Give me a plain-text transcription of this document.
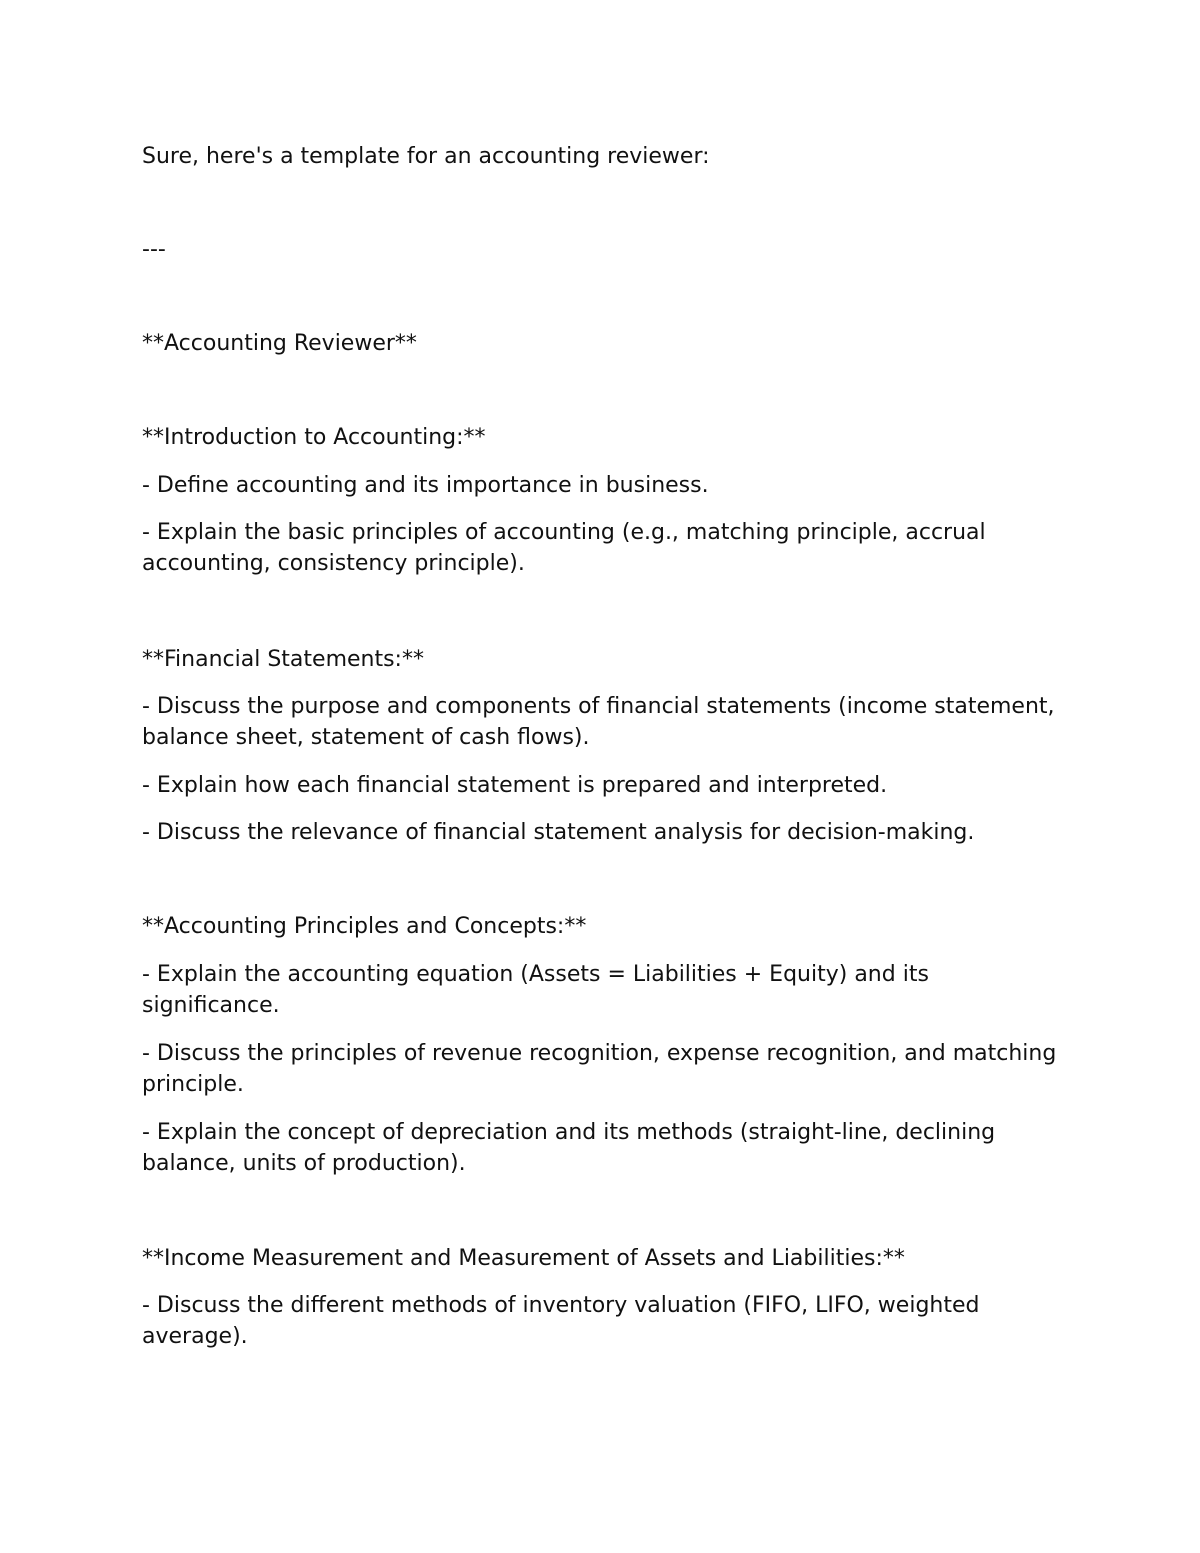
Sure, here's a template for an accounting reviewer:

---

**Accounting Reviewer**

**Introduction to Accounting:**

- Define accounting and its importance in business.

- Explain the basic principles of accounting (e.g., matching principle, accrual accounting, consistency principle).

**Financial Statements:**

- Discuss the purpose and components of financial statements (income statement, balance sheet, statement of cash flows).

- Explain how each financial statement is prepared and interpreted.

- Discuss the relevance of financial statement analysis for decision-making.

**Accounting Principles and Concepts:**

- Explain the accounting equation (Assets = Liabilities + Equity) and its significance.

- Discuss the principles of revenue recognition, expense recognition, and matching principle.

- Explain the concept of depreciation and its methods (straight-line, declining balance, units of production).

**Income Measurement and Measurement of Assets and Liabilities:**

- Discuss the different methods of inventory valuation (FIFO, LIFO, weighted average).
